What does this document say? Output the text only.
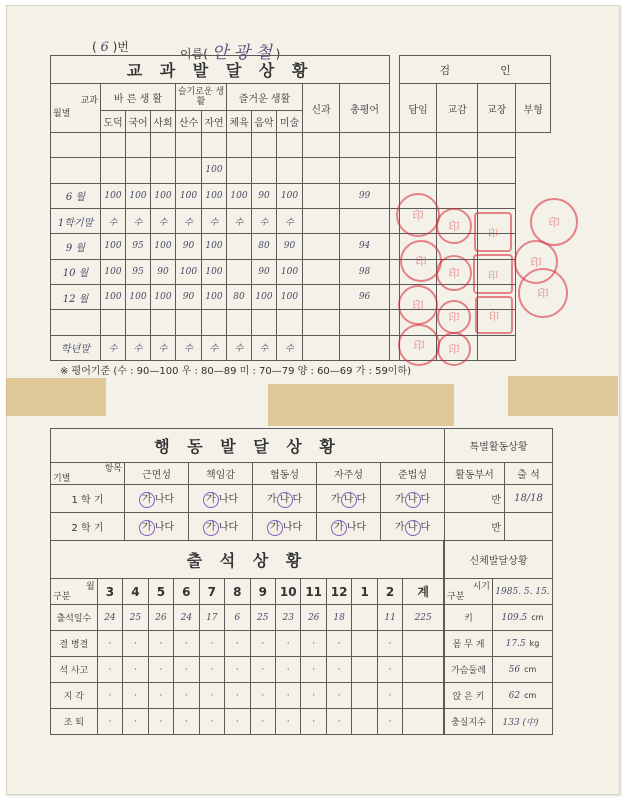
( 6 )번	이름( 안 광 철 )
교 과 발 달 상 황												검 인			

교과
월별	바 른 생 활			슬기로운 생활		즐거운 생활			신과	총평어		담임	교감	교장	부형
	도덕	국어	사회	산수	자연	체육	음악	미술							

					100										
6 월	100	100	100	100	100	100	90	100		99					
1학기말	수	수	수	수	수	수	수	수							
9 월	100	95	100	90	100		80	90		94					
10 월	100	95	90	100	100		90	100		98					
12 월	100	100	100	90	100	80	100	100		96					

학년말	수	수	수	수	수	수	수	수							
※ 평어기준 (수 : 90—100 우 : 80—89 미 : 70—79 양 : 60—69 가 : 59이하)
印
印
印
印
印
印
印
印
印
印
印
印
印
印
행 동 발 달 상 황					

항목
기별	근면성	책임감	협동성	자주성	준법성
1 학 기	가 나다	가 나다	가 나 다	가 나 다	가 나 다
2 학 기	가 나다	가 나다	가 나다	가 나다	가 나 다
특별활동상황	
활동부서	출 석
반	18/18
반	
출 석 상 황													

월
구분	3	4	5	6	7	8	9	10	11	12	1	2	계
출석일수	24	25	26	24	17	6	25	23	26	18		11	225
결 병결	·	·	·	·	·	·	·	·	·	·		·	
석 사고	·	·	·	·	·	·	·	·	·	·		·	
지 각	·	·	·	·	·	·	·	·	·	·		·	
조 퇴	·	·	·	·	·	·	·	·	·	·		·	
신체발달상황	

시기
구분	1985. 5. 15.
키	109.5 cm
몸 무 게	17.5 kg
가슴둘레	56 cm
앉 은 키	62 cm
충실지수	133 (中)
